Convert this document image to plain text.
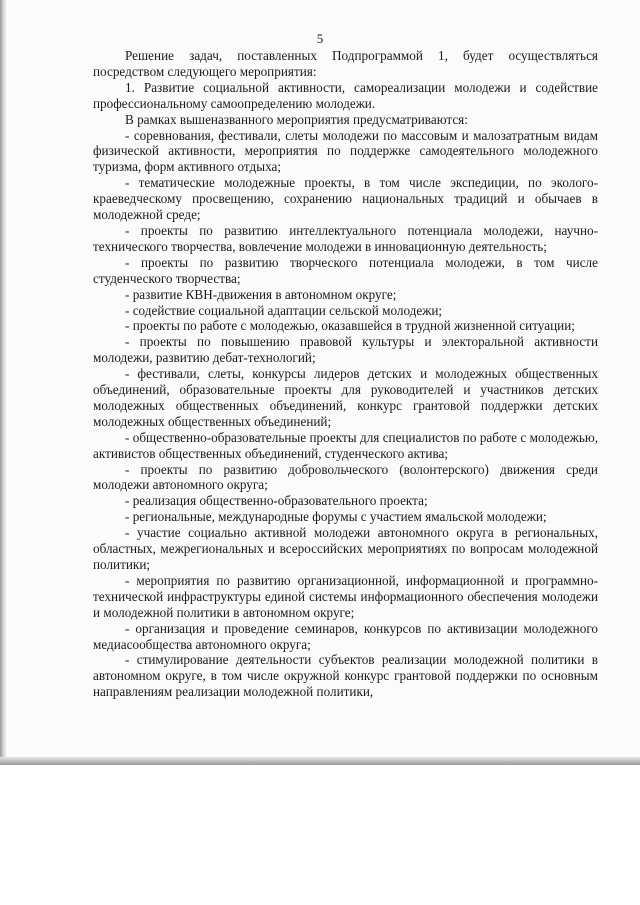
5

Решение задач, поставленных Подпрограммой 1, будет осуществляться посредством следующего мероприятия:

1. Развитие социальной активности, самореализации молодежи и содействие профессиональному самоопределению молодежи.

В рамках вышеназванного мероприятия предусматриваются:

- соревнования, фестивали, слеты молодежи по массовым и малозатратным видам физической активности, мероприятия по поддержке самодеятельного молодежного туризма, форм активного отдыха;

- тематические молодежные проекты, в том числе экспедиции, по эколого-краеведческому просвещению, сохранению национальных традиций и обычаев в молодежной среде;

- проекты по развитию интеллектуального потенциала молодежи, научно-технического творчества, вовлечение молодежи в инновационную деятельность;

- проекты по развитию творческого потенциала молодежи, в том числе студенческого творчества;

- развитие КВН-движения в автономном округе;

- содействие социальной адаптации сельской молодежи;

- проекты по работе с молодежью, оказавшейся в трудной жизненной ситуации;

- проекты по повышению правовой культуры и электоральной активности молодежи, развитию дебат-технологий;

- фестивали, слеты, конкурсы лидеров детских и молодежных общественных объединений, образовательные проекты для руководителей и участников детских молодежных общественных объединений, конкурс грантовой поддержки детских молодежных общественных объединений;

- общественно-образовательные проекты для специалистов по работе с молодежью, активистов общественных объединений, студенческого актива;

- проекты по развитию добровольческого (волонтерского) движения среди молодежи автономного округа;

- реализация общественно-образовательного проекта;

- региональные, международные форумы с участием ямальской молодежи;

- участие социально активной молодежи автономного округа в региональных, областных, межрегиональных и всероссийских мероприятиях по вопросам молодежной политики;

- мероприятия по развитию организационной, информационной и программно-технической инфраструктуры единой системы информационного обеспечения молодежи и молодежной политики в автономном округе;

- организация и проведение семинаров, конкурсов по активизации молодежного медиасообщества автономного округа;

- стимулирование деятельности субъектов реализации молодежной политики в автономном округе, в том числе окружной конкурс грантовой поддержки по основным направлениям реализации молодежной политики,
